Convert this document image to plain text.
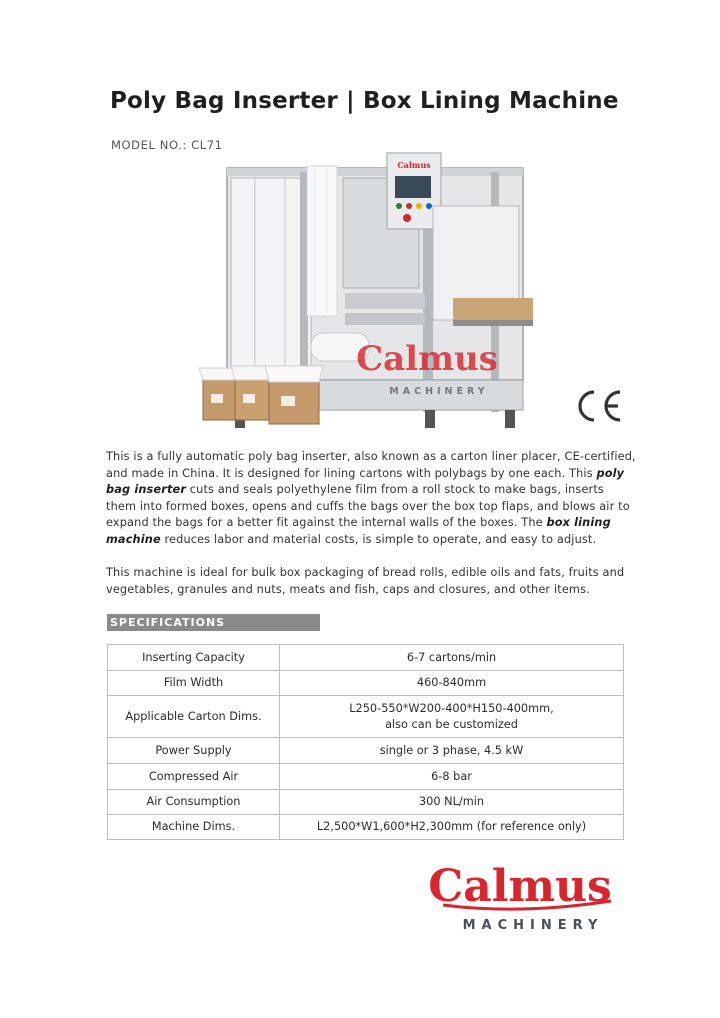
Poly Bag Inserter | Box Lining Machine
MODEL NO.: CL71
Calmus
Calmus
MACHINERY

This is a fully automatic poly bag inserter, also known as a carton liner placer, CE-certified, and made in China. It is designed for lining cartons with polybags by one each. This poly bag inserter cuts and seals polyethylene film from a roll stock to make bags, inserts them into formed boxes, opens and cuffs the bags over the box top flaps, and blows air to expand the bags for a better fit against the internal walls of the boxes. The box lining machine reduces labor and material costs, is simple to operate, and easy to adjust.

This machine is ideal for bulk box packaging of bread rolls, edible oils and fats, fruits and vegetables, granules and nuts, meats and fish, caps and closures, and other items.

SPECIFICATIONS
Inserting Capacity	6-7 cartons/min
Film Width	460-840mm
Applicable Carton Dims.	L250-550*W200-400*H150-400mm,
also can be customized

Power Supply	single or 3 phase, 4.5 kW
Compressed Air	6-8 bar
Air Consumption	300 NL/min
Machine Dims.	L2,500*W1,600*H2,300mm (for reference only)
Calmus
MACHINERY
